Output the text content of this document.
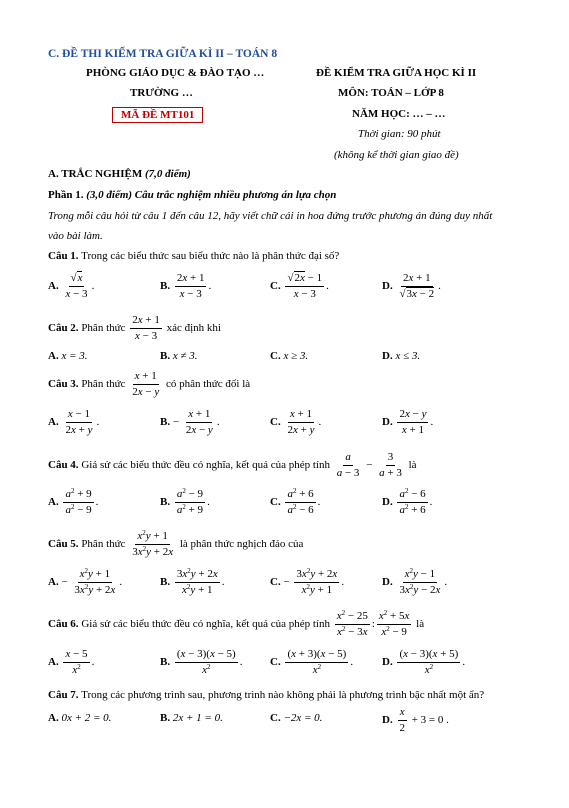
C. ĐỀ THI KIỂM TRA GIỮA KÌ II – TOÁN 8
PHÒNG GIÁO DỤC & ĐÀO TẠO …
TRƯỜNG …
MÃ ĐỀ MT101
ĐỀ KIỂM TRA GIỮA HỌC KÌ II
MÔN: TOÁN – LỚP 8
NĂM HỌC: … – …
Thời gian: 90 phút
(không kể thời gian giao đề)
A. TRẮC NGHIỆM (7,0 điểm)
Phần 1. (3,0 điểm) Câu trắc nghiệm nhiều phương án lựa chọn
Trong mỗi câu hỏi từ câu 1 đến câu 12, hãy viết chữ cái in hoa đứng trước phương án đúng duy nhất
vào bài làm.
Câu 1. Trong các biểu thức sau biểu thức nào là phân thức đại số?
A. $\frac{√x}{x - 3}$ .	B. $\frac{2x + 1}{x - 3}$ .	C. $\frac{√2x - 1}{x - 3}$ .	D. $\frac{2x + 1}{√3x - 2}$ .
Câu 2. Phân thức $\frac{2x + 1}{x - 3}$ xác định khi
A. x = 3.	B. x ≠ 3.	C. x ≥ 3.	D. x ≤ 3.
Câu 3. Phân thức $\frac{x + 1}{2x - y}$ có phân thức đối là
A. $\frac{x - 1}{2x + y}$ .	B. − $\frac{x + 1}{2x - y}$ .	C. $\frac{x + 1}{2x + y}$ .	D. $\frac{2x - y}{x + 1}$ .
Câu 4. Giả sử các biểu thức đều có nghĩa, kết quả của phép tính $\frac{a}{a - 3} - \frac{3}{a + 3}$ là
A. $\frac{a^2 + 9}{a^2 - 9}$ .	B. $\frac{a^2 - 9}{a^2 + 9}$ .	C. $\frac{a^2 + 6}{a^2 - 6}$ .	D. $\frac{a^2 - 6}{a^2 + 6}$ .
Câu 5. Phân thức $\frac{x^2y + 1}{3x^2y + 2x}$ là phân thức nghịch đảo của
A. − $\frac{x^2y + 1}{3x^2y + 2x}$ .	B. $\frac{3x^2y + 2x}{x^2y + 1}$ .	C. − $\frac{3x^2y + 2x}{x^2y + 1}$ .	D. $\frac{x^2y - 1}{3x^2y - 2x}$ .
Câu 6. Giả sử các biểu thức đều có nghĩa, kết quả của phép tính $\frac{x^2 - 25}{x^2 - 3x}$ : $\frac{x^2 + 5x}{x^2 - 9}$ là
A. $\frac{x - 5}{x^2}$ .	B. $\frac{(x - 3)(x - 5)}{x^2}$ .	C. $\frac{(x + 3)(x - 5)}{x^2}$ .	D. $\frac{(x - 3)(x + 5)}{x^2}$ .
Câu 7. Trong các phương trình sau, phương trình nào không phải là phương trình bậc nhất một ẩn?
A. 0x + 2 = 0.	B. 2x + 1 = 0.	C. −2x = 0.	D. $\frac{x}{2} + 3 = 0$ .
